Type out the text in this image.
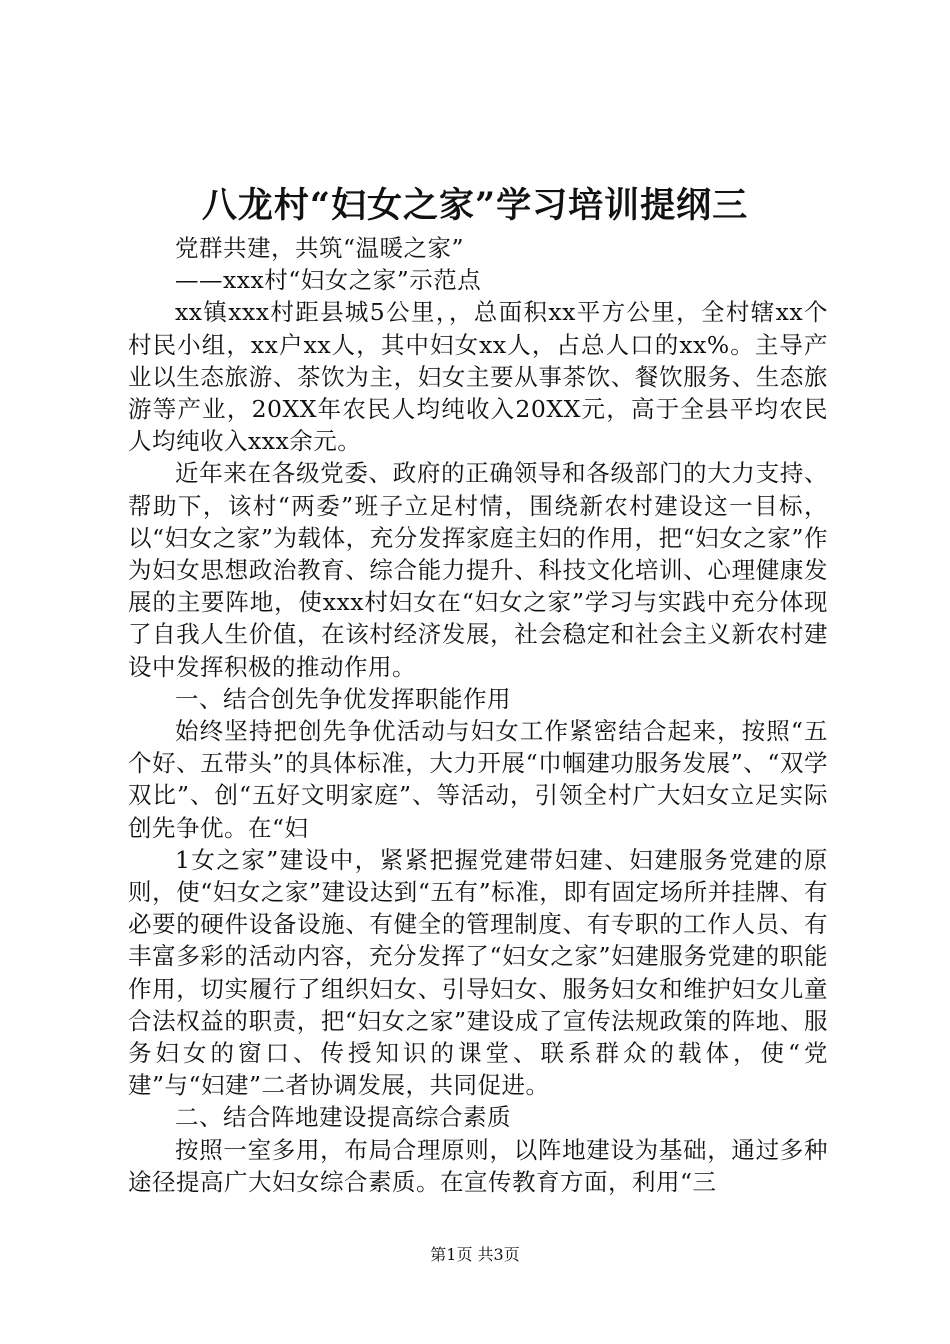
八龙村“妇女之家”学习培训提纲三

党群共建，共筑“温暖之家”

——xxx村“妇女之家”示范点

xx镇xxx村距县城5公里，，总面积xx平方公里，全村辖xx个村民小组，xx户xx人，其中妇女xx人，占总人口的xx%。主导产业以生态旅游、茶饮为主，妇女主要从事茶饮、餐饮服务、生态旅游等产业，20XX年农民人均纯收入20XX元，高于全县平均农民人均纯收入xxx余元。

近年来在各级党委、政府的正确领导和各级部门的大力支持、帮助下，该村“两委”班子立足村情，围绕新农村建设这一目标，以“妇女之家”为载体，充分发挥家庭主妇的作用，把“妇女之家”作为妇女思想政治教育、综合能力提升、科技文化培训、心理健康发展的主要阵地，使xxx村妇女在“妇女之家”学习与实践中充分体现了自我人生价值，在该村经济发展，社会稳定和社会主义新农村建设中发挥积极的推动作用。

一、结合创先争优发挥职能作用

始终坚持把创先争优活动与妇女工作紧密结合起来，按照“五个好、五带头”的具体标准，大力开展“巾帼建功服务发展”、“双学双比”、创“五好文明家庭”、等活动，引领全村广大妇女立足实际创先争优。在“妇

1女之家”建设中，紧紧把握党建带妇建、妇建服务党建的原则，使“妇女之家”建设达到“五有”标准，即有固定场所并挂牌、有必要的硬件设备设施、有健全的管理制度、有专职的工作人员、有丰富多彩的活动内容，充分发挥了“妇女之家”妇建服务党建的职能作用，切实履行了组织妇女、引导妇女、服务妇女和维护妇女儿童合法权益的职责，把“妇女之家”建设成了宣传法规政策的阵地、服务妇女的窗口、传授知识的课堂、联系群众的载体，使“党建”与“妇建”二者协调发展，共同促进。

二、结合阵地建设提高综合素质

按照一室多用，布局合理原则，以阵地建设为基础，通过多种途径提高广大妇女综合素质。在宣传教育方面，利用“三

第1页 共3页
